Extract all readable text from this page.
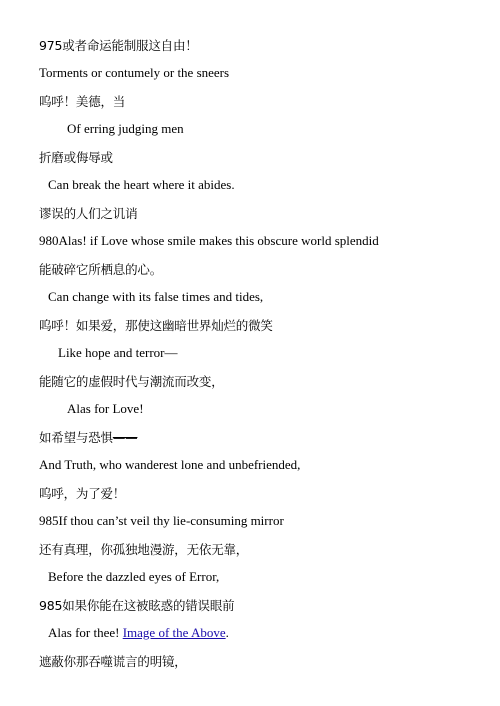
975或者命运能制服这自由！
Torments or contumely or the sneers
呜呼！美德，当
Of erring judging men
折磨或侮辱或
Can break the heart where it abides.
谬误的人们之讥诮
980Alas! if Love whose smile makes this obscure world splendid
能破碎它所栖息的心。
Can change with its false times and tides,
呜呼！如果爱，那使这幽暗世界灿烂的微笑
Like hope and terror—
能随它的虚假时代与潮流而改变，
Alas for Love!
如希望与恐惧——
And Truth, who wanderest lone and unbefriended,
呜呼，为了爱！
985If thou can’st veil thy lie-consuming mirror
还有真理，你孤独地漫游，无依无靠，
Before the dazzled eyes of Error,
985如果你能在这被眩惑的错误眼前
Alas for thee! Image of the Above.
遮蔽你那吞噬谎言的明镜，
